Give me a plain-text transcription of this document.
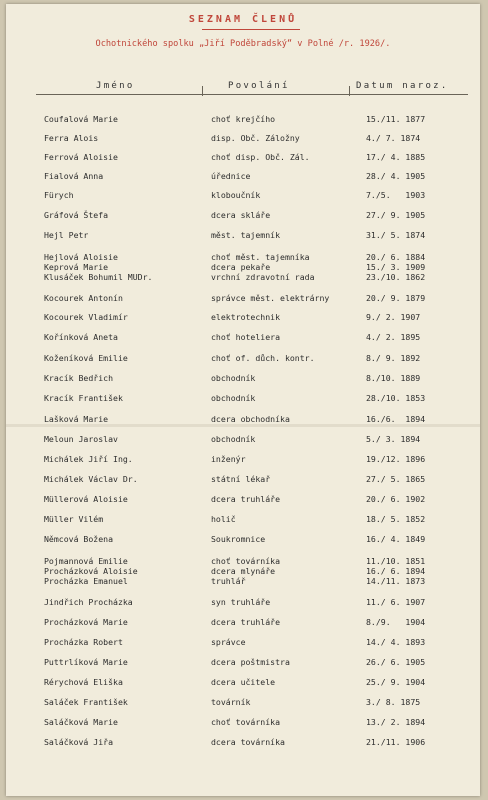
SEZNAM ČLENŮ
Ochotnického spolku „Jiří Poděbradský“ v Polné /r. 1926/.
Jméno	Povolání	Datum naroz.
Coufalová Marie	choť krejčího	15./11. 1877
Ferra Alois	disp. Obč. Záložny	4./ 7. 1874
Ferrová Aloisie	choť disp. Obč. Zál.	17./ 4. 1885
Fialová Anna	úřednice	28./ 4. 1905
Fürych	kloboučník	7./5.   1903
Gráfová Štefa	dcera skláře	27./ 9. 1905
Hejl Petr	měst. tajemník	31./ 5. 1874
Hejlová Aloisie	choť měst. tajemníka	20./ 6. 1884
Keprová Marie	dcera pekaře	15./ 3. 1909
Klusáček Bohumil MUDr.	vrchní zdravotní rada	23./10. 1862
Kocourek Antonín	správce měst. elektrárny	20./ 9. 1879
Kocourek Vladimír	elektrotechnik	9./ 2. 1907
Kořínková Aneta	choť hoteliera	4./ 2. 1895
Koženíková Emilie	choť of. důch. kontr.	8./ 9. 1892
Kracík Bedřich	obchodník	8./10. 1889
Kracík František	obchodník	28./10. 1853
Lašková Marie	dcera obchodníka	16./6.  1894
Meloun Jaroslav	obchodník	5./ 3. 1894
Michálek Jiří Ing.	inženýr	19./12. 1896
Michálek Václav Dr.	státní lékař	27./ 5. 1865
Müllerová Aloisie	dcera truhláře	20./ 6. 1902
Müller Vilém	holič	18./ 5. 1852
Němcová Božena	Soukromnice	16./ 4. 1849
Pojmannová Emilie	choť továrníka	11./10. 1851
Procházková Aloisie	dcera mlynáře	16./ 6. 1894
Procházka Emanuel	truhlář	14./11. 1873
Jindřich Procházka	syn truhláře	11./ 6. 1907
Procházková Marie	dcera truhláře	8./9.   1904
Procházka Robert	správce	14./ 4. 1893
Puttrlíková Marie	dcera poštmistra	26./ 6. 1905
Rérychová Eliška	dcera učitele	25./ 9. 1904
Saláček František	továrník	3./ 8. 1875
Saláčková Marie	choť továrníka	13./ 2. 1894
Saláčková Jiřa	dcera továrníka	21./11. 1906
